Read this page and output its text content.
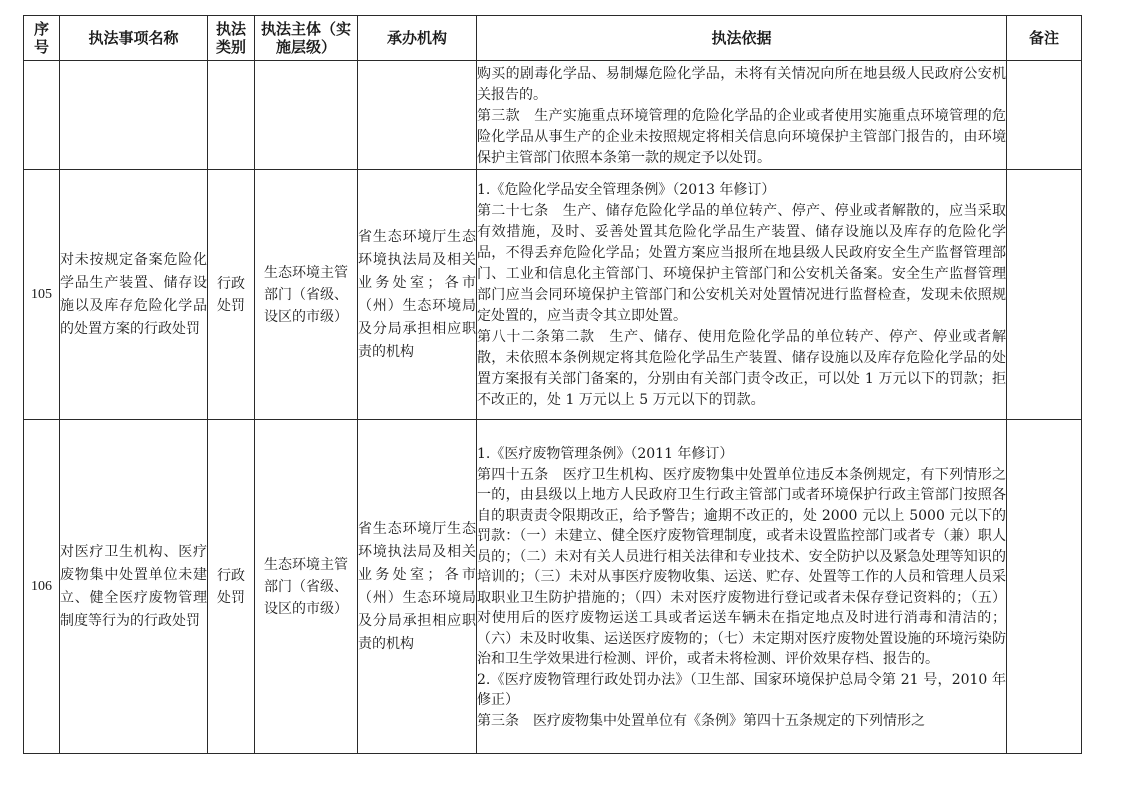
序号	执法事项名称	执法类别	执法主体（实施层级）	承办机构	执法依据	备注

					购买的剧毒化学品、易制爆危险化学品，未将有关情况向所在地县级人民政府公安机关报告的。

第三款　生产实施重点环境管理的危险化学品的企业或者使用实施重点环境管理的危险化学品从事生产的企业未按照规定将相关信息向环境保护主管部门报告的，由环境保护主管部门依照本条第一款的规定予以处罚。	

105	对未按规定备案危险化学品生产装置、储存设施以及库存危险化学品的处置方案的行政处罚	行政处罚	生态环境主管部门（省级、设区的市级）	省生态环境厅生态环境执法局及相关业务处室；各市（州）生态环境局及分局承担相应职责的机构	1.《危险化学品安全管理条例》（2013 年修订）

第二十七条　生产、储存危险化学品的单位转产、停产、停业或者解散的，应当采取有效措施，及时、妥善处置其危险化学品生产装置、储存设施以及库存的危险化学品，不得丢弃危险化学品；处置方案应当报所在地县级人民政府安全生产监督管理部门、工业和信息化主管部门、环境保护主管部门和公安机关备案。安全生产监督管理部门应当会同环境保护主管部门和公安机关对处置情况进行监督检查，发现未依照规定处置的，应当责令其立即处置。

第八十二条第二款　生产、储存、使用危险化学品的单位转产、停产、停业或者解散，未依照本条例规定将其危险化学品生产装置、储存设施以及库存危险化学品的处置方案报有关部门备案的，分别由有关部门责令改正，可以处 1 万元以下的罚款；拒不改正的，处 1 万元以上 5 万元以下的罚款。	

106	对医疗卫生机构、医疗废物集中处置单位未建立、健全医疗废物管理制度等行为的行政处罚	行政处罚	生态环境主管部门（省级、设区的市级）	省生态环境厅生态环境执法局及相关业务处室；各市（州）生态环境局及分局承担相应职责的机构	1.《医疗废物管理条例》（2011 年修订）

第四十五条　医疗卫生机构、医疗废物集中处置单位违反本条例规定，有下列情形之一的，由县级以上地方人民政府卫生行政主管部门或者环境保护行政主管部门按照各自的职责责令限期改正，给予警告；逾期不改正的，处 2000 元以上 5000 元以下的罚款：（一）未建立、健全医疗废物管理制度，或者未设置监控部门或者专（兼）职人员的；（二）未对有关人员进行相关法律和专业技术、安全防护以及紧急处理等知识的培训的；（三）未对从事医疗废物收集、运送、贮存、处置等工作的人员和管理人员采取职业卫生防护措施的；（四）未对医疗废物进行登记或者未保存登记资料的；（五）对使用后的医疗废物运送工具或者运送车辆未在指定地点及时进行消毒和清洁的；（六）未及时收集、运送医疗废物的；（七）未定期对医疗废物处置设施的环境污染防治和卫生学效果进行检测、评价，或者未将检测、评价效果存档、报告的。

2.《医疗废物管理行政处罚办法》（卫生部、国家环境保护总局令第 21 号，2010 年修正）

第三条　医疗废物集中处置单位有《条例》第四十五条规定的下列情形之	
